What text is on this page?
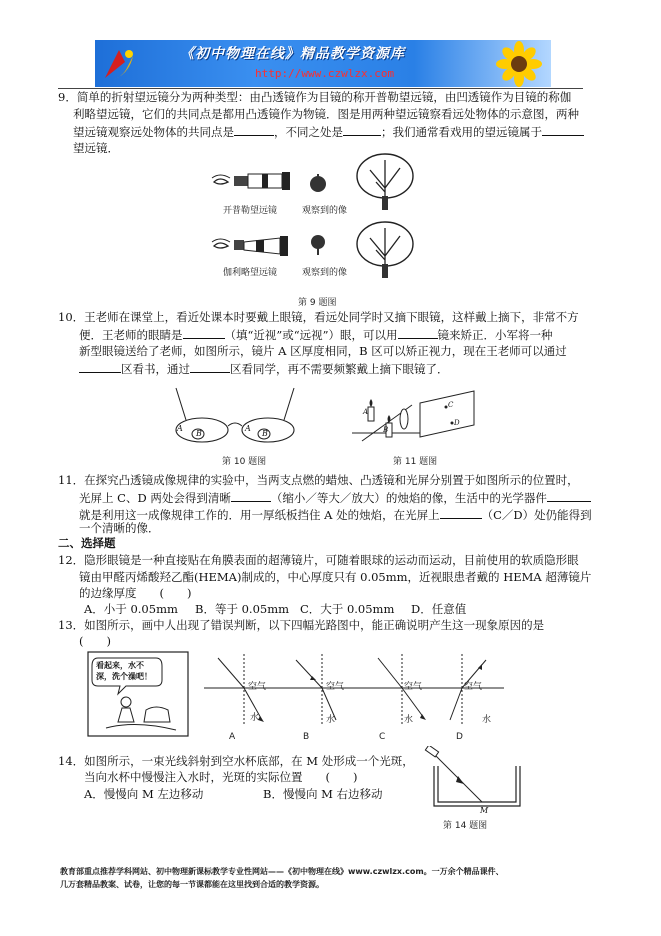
《初中物理在线》精品教学资源库
http://www.czwlzx.com
9．简单的折射望远镜分为两种类型：由凸透镜作为目镜的称开普勒望远镜，由凹透镜作为目镜的称伽
利略望远镜，它们的共同点是都用凸透镜作为物镜．图是用两种望远镜察看远处物体的示意图，两种
望远镜观察远处物体的共同点是	，不同之处是	；我们通常看戏用的望远镜属于
望远镜．
开普勒望远镜	观察到的像
伽利略望远镜	观察到的像
第 9 题图
10．王老师在课堂上，看近处课本时要戴上眼镜，看远处同学时又摘下眼镜，这样戴上摘下，非常不方
便．王老师的眼睛是	（填“近视”或“远视”）眼，可以用	镜来矫正．小军将一种
新型眼镜送给了老师，如图所示，镜片 A 区厚度相同，B 区可以矫正视力，现在王老师可以通过
区看书，通过	区看同学，再不需要频繁戴上摘下眼镜了．
A
B
A
B
第 10 题图
A
B
C
D
第 11 题图
11．在探究凸透镜成像规律的实验中，当两支点燃的蜡烛、凸透镜和光屏分别置于如图所示的位置时，
光屏上 C、D 两处会得到清晰	（缩小／等大／放大）的烛焰的像，生活中的光学器件
就是利用这一成像规律工作的．用一厚纸板挡住 A 处的烛焰，在光屏上	（C／D）处仍能得到
一个清晰的像．
二、选择题
12．隐形眼镜是一种直接贴在角膜表面的超薄镜片，可随着眼球的运动而运动，目前使用的软质隐形眼
镜由甲醛丙烯酸羟乙酯(HEMA)制成的，中心厚度只有 0.05mm，近视眼患者戴的 HEMA 超薄镜片
的边缘厚度　　(　　)
A．小于 0.05mm B．等于 0.05mm C．大于 0.05mm D．任意值
13．如图所示，画中人出现了错误判断，以下四幅光路图中，能正确说明产生这一现象原因的是
(　　)
看起来，水不深，洗个澡吧！
空气	空气	空气	空气
水	水	水	水
A	B	C	D
14．如图所示，一束光线斜射到空水杯底部，在 M 处形成一个光斑，
当向水杯中慢慢注入水时，光斑的实际位置　　(　　)
A．慢慢向 M 左边移动	B．慢慢向 M 右边移动
M
第 14 题图
教育部重点推荐学科网站、初中物理新课标教学专业性网站——《初中物理在线》www.czwlzx.com。一万余个精品课件、
几万套精品教案、试卷，让您的每一节课都能在这里找到合适的教学资源。
